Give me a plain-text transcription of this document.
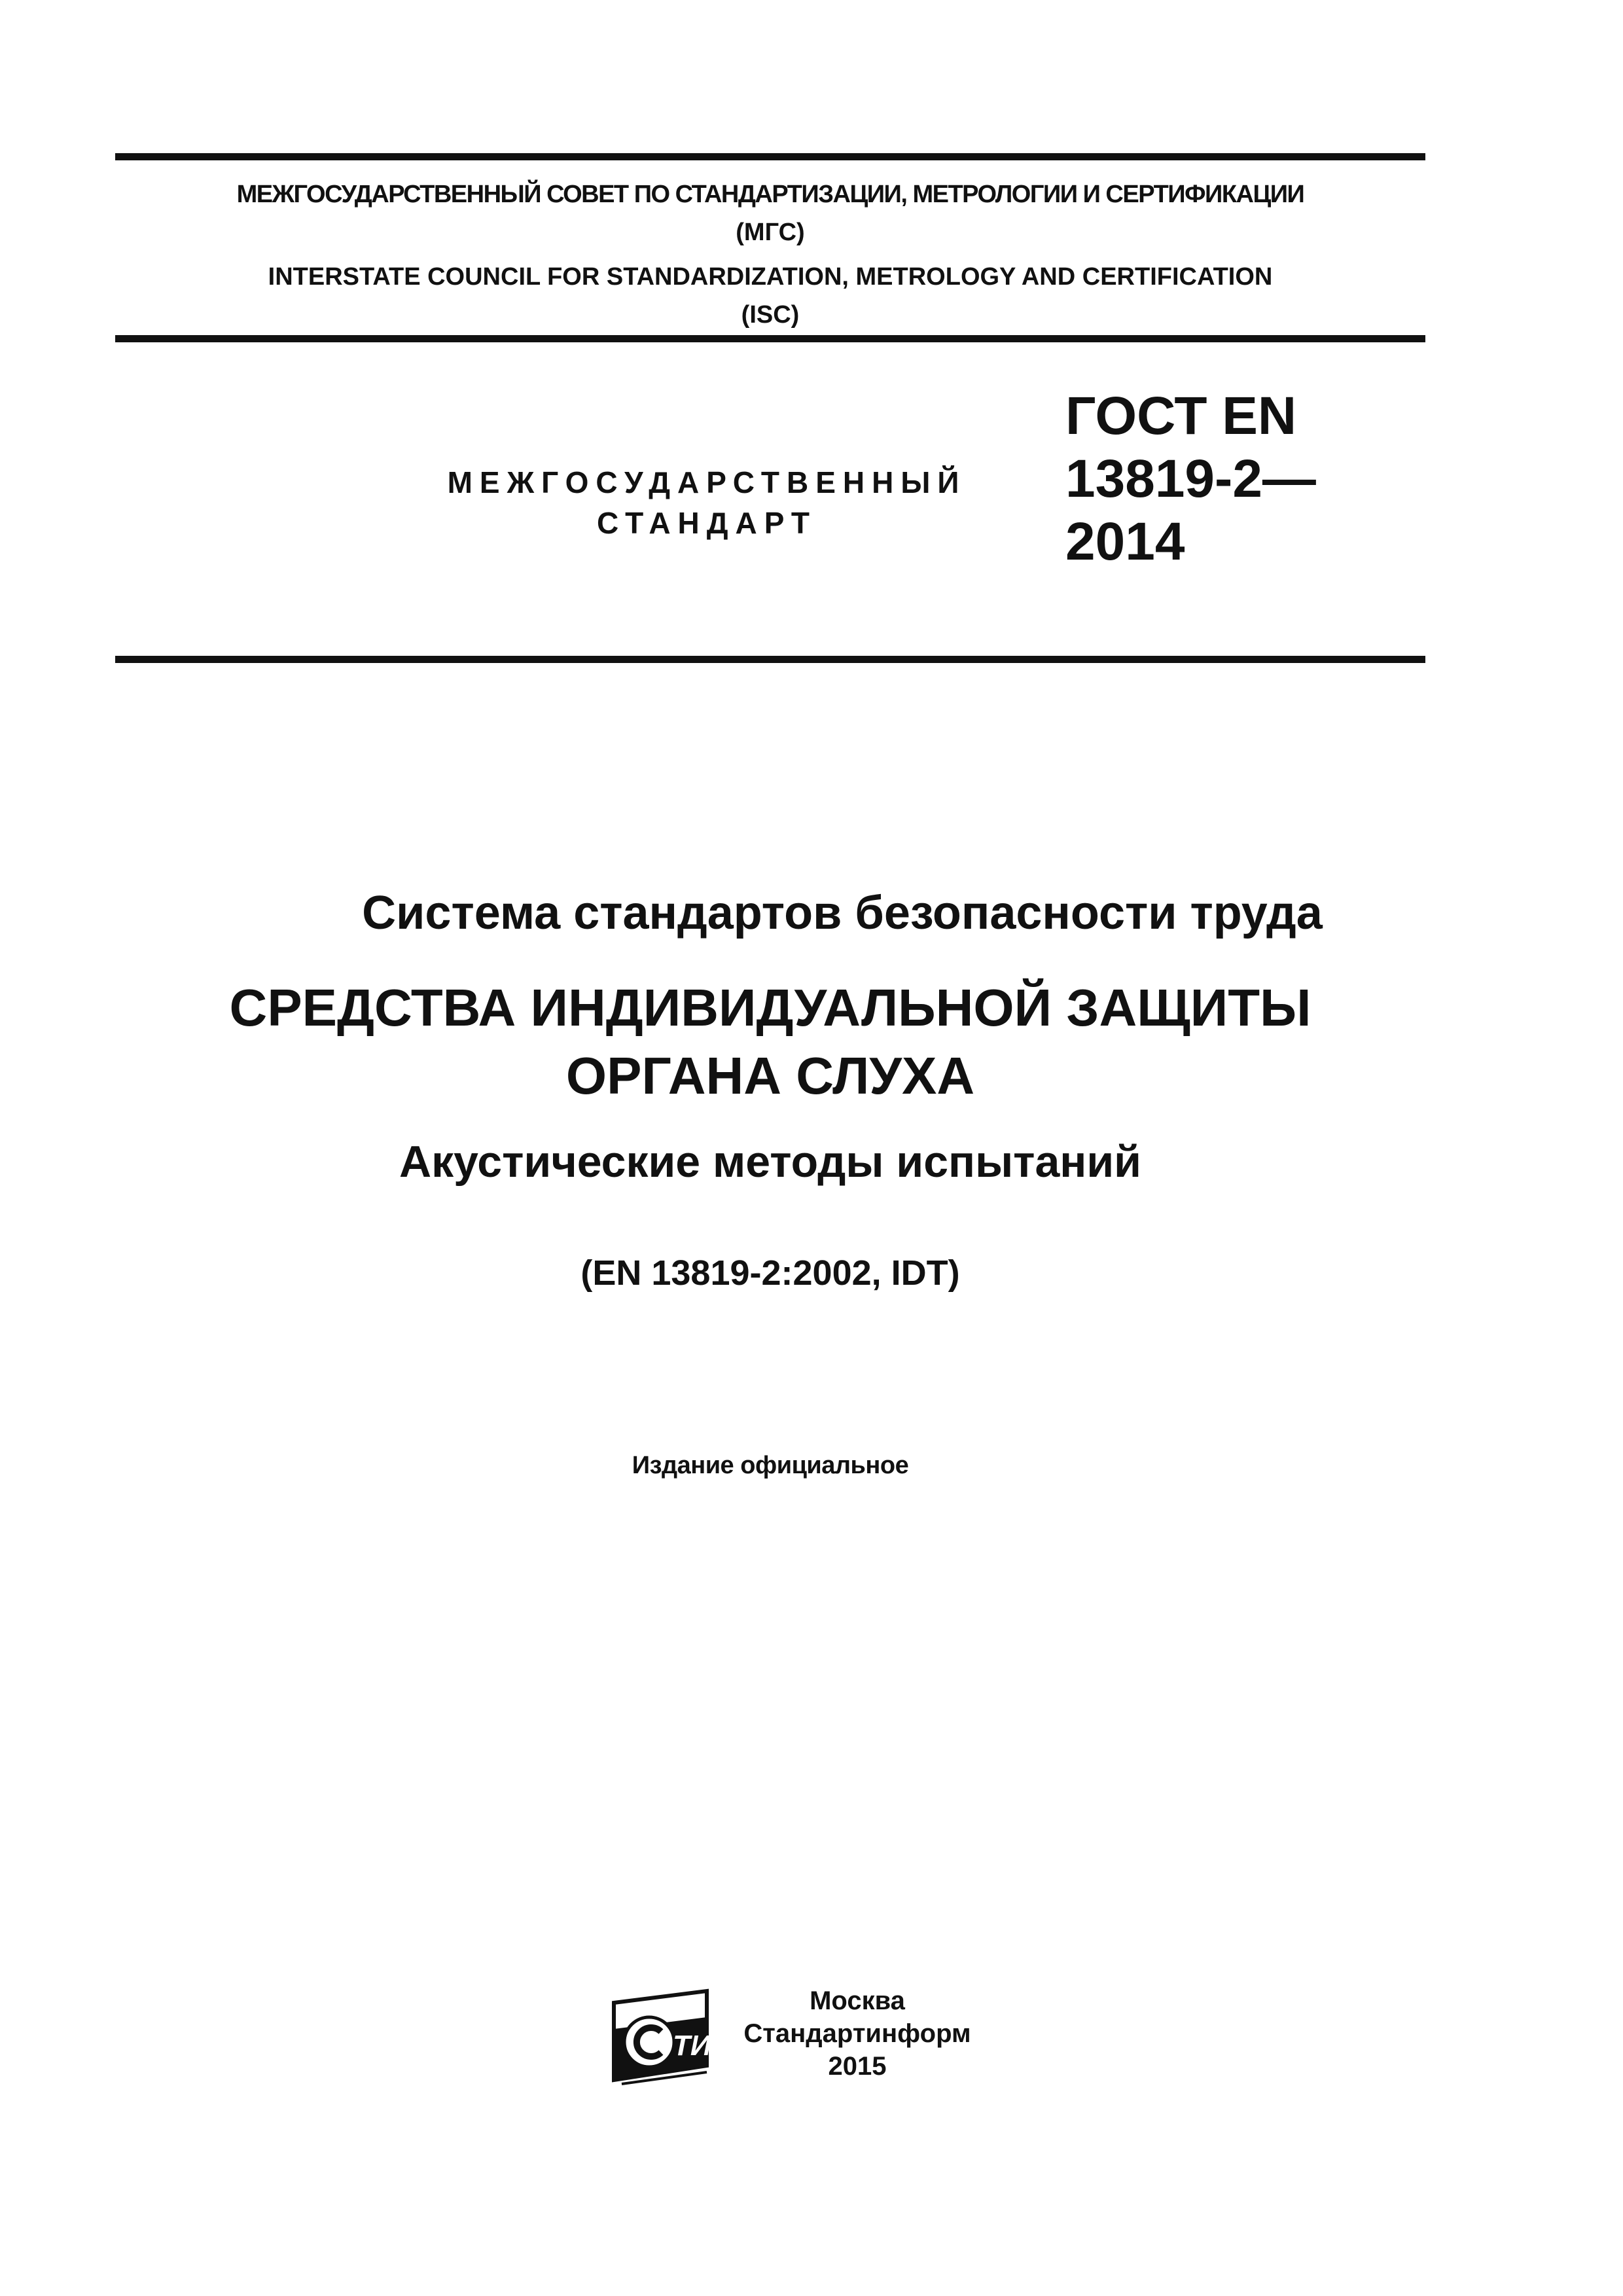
МЕЖГОСУДАРСТВЕННЫЙ СОВЕТ ПО СТАНДАРТИЗАЦИИ, МЕТРОЛОГИИ И СЕРТИФИКАЦИИ
(МГС)
INTERSTATE COUNCIL FOR STANDARDIZATION, METROLOGY AND CERTIFICATION
(ISC)
МЕЖГОСУДАРСТВЕННЫЙ
СТАНДАРТ
ГОСТ EN
13819-2—
2014
Система стандартов безопасности труда
СРЕДСТВА ИНДИВИДУАЛЬНОЙ ЗАЩИТЫ
ОРГАНА СЛУХА
Акустические методы испытаний
(EN 13819-2:2002, IDT)
Издание официальное
ТИ
Москва
Стандартинформ
2015
